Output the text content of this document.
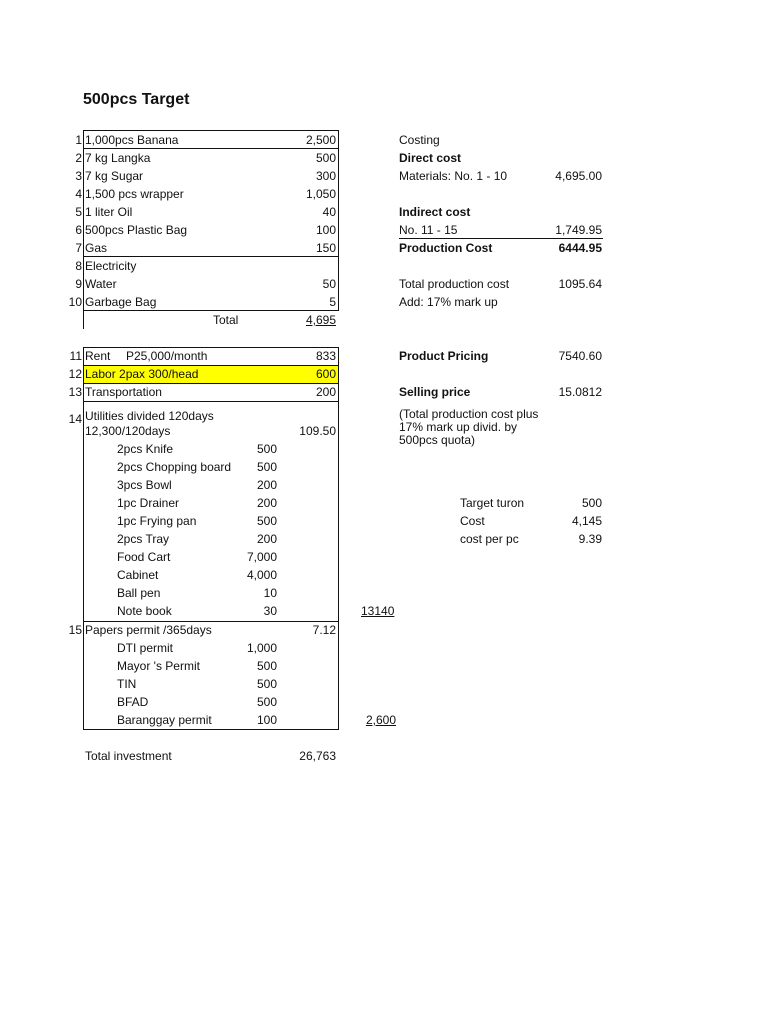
500pcs Target
1 1,000pcs Banana	2,500
2 7 kg Langka	500
3 7 kg Sugar	300
4 1,500 pcs wrapper	1,050
5 1 liter Oil	40
6 500pcs Plastic Bag	100
7 Gas	150
8 Electricity
9 Water	50
10 Garbage Bag	5
Total	4,695
11 Rent P25,000/month	833
12 Labor 2pax 300/head	600
13 Transportation	200
14 Utilities divided 120days
12,300/120days	109.50
2pcs Knife	500
2pcs Chopping board	500
3pcs Bowl	200
1pc Drainer	200
1pc Frying pan	500
2pcs Tray	200
Food Cart	7,000
Cabinet	4,000
Ball pen	10
Note book	30	13140
15 Papers permit /365days	7.12
DTI permit	1,000
Mayor 's Permit	500
TIN	500
BFAD	500
Baranggay permit	100	2,600
Total investment	26,763
Costing
Direct cost
Materials: No. 1 - 10	4,695.00
Indirect cost
No. 11 - 15	1,749.95
Production Cost	6444.95
Total production cost	1095.64
Add: 17% mark up
Product Pricing	7540.60
Selling price	15.0812
(Total production cost plus 17% mark up divid. by 500pcs quota)
Target turon	500
Cost	4,145
cost per pc	9.39
